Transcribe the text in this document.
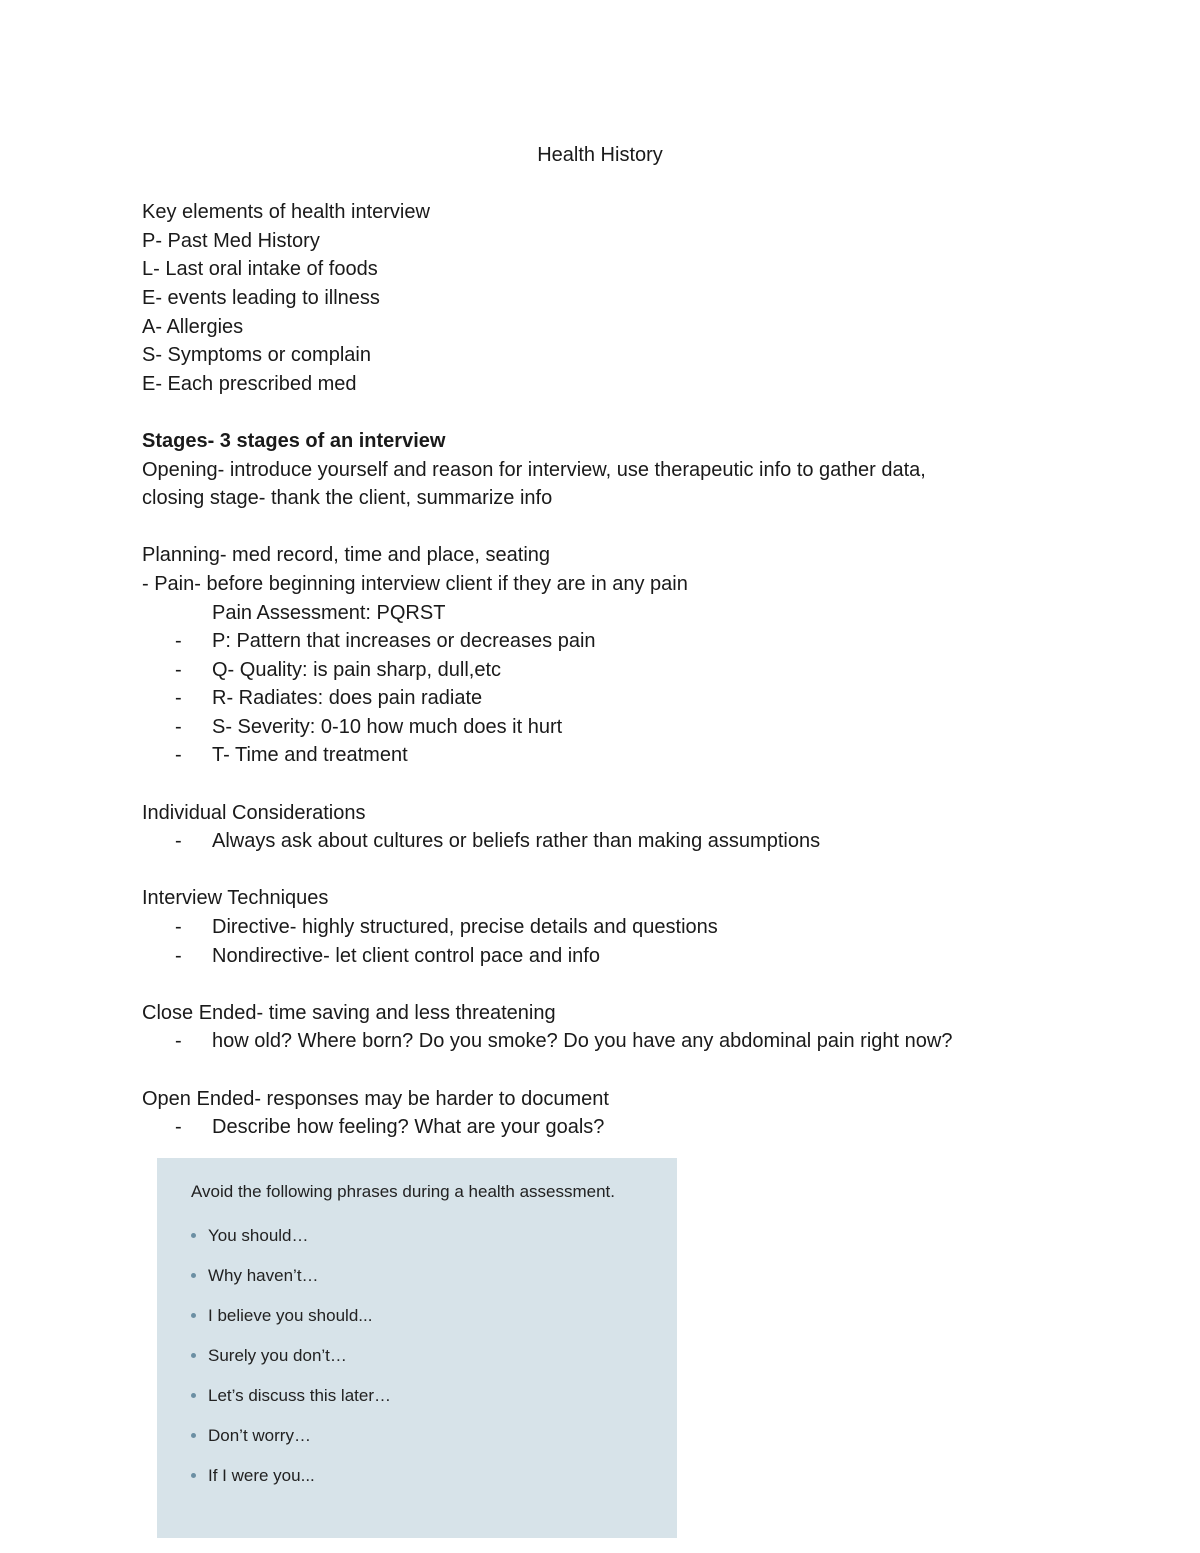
Health History
Key elements of health interview
P- Past Med History
L- Last oral intake of foods
E- events leading to illness
A- Allergies
S- Symptoms or complain
E- Each prescribed med
Stages- 3 stages of an interview
Opening- introduce yourself and reason for interview, use therapeutic info to gather data,
closing stage- thank the client, summarize info
Planning- med record, time and place, seating
- Pain- before beginning interview client if they are in any pain
Pain Assessment: PQRST
-	P: Pattern that increases or decreases pain
-	Q- Quality: is pain sharp, dull,etc
-	R- Radiates: does pain radiate
-	S- Severity: 0-10 how much does it hurt
-	T- Time and treatment
Individual Considerations
-	Always ask about cultures or beliefs rather than making assumptions
Interview Techniques
-	Directive- highly structured, precise details and questions
-	Nondirective- let client control pace and info
Close Ended- time saving and less threatening
-	how old? Where born? Do you smoke? Do you have any abdominal pain right now?
Open Ended- responses may be harder to document
-	Describe how feeling? What are your goals?
Avoid the following phrases during a health assessment.
You should…
Why haven’t…
I believe you should...
Surely you don’t…
Let’s discuss this later…
Don’t worry…
If I were you...
